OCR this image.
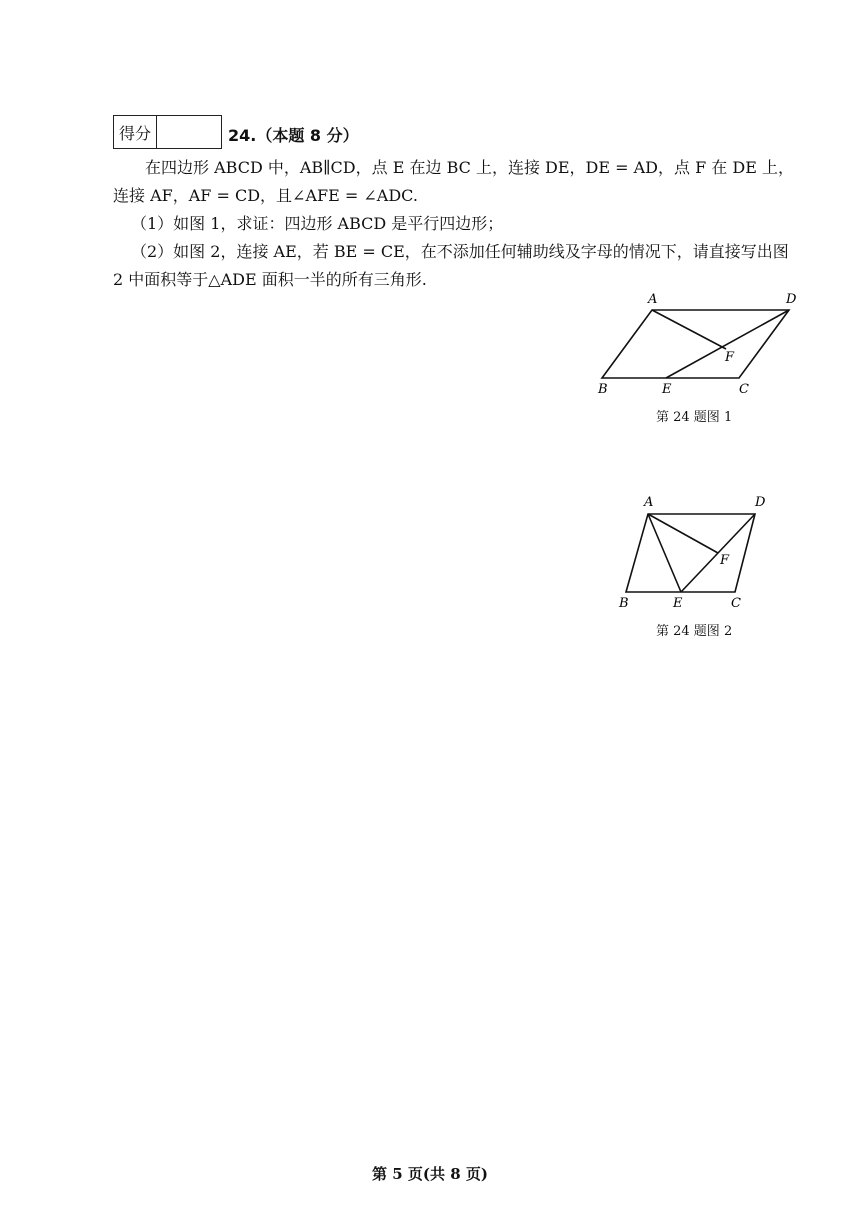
得分	24.（本题 8 分）

在四边形 ABCD 中，AB∥CD，点 E 在边 BC 上，连接 DE，DE = AD，点 F 在 DE 上，连接 AF，AF = CD，且∠AFE = ∠ADC.

（1）如图 1，求证：四边形 ABCD 是平行四边形；

（2）如图 2，连接 AE，若 BE = CE，在不添加任何辅助线及字母的情况下，请直接写出图 2 中面积等于△ADE 面积一半的所有三角形.

A	D
F
B	E	C
第 24 题图 1
A	D
F
B	E	C
第 24 题图 2
第 5 页(共 8 页)
